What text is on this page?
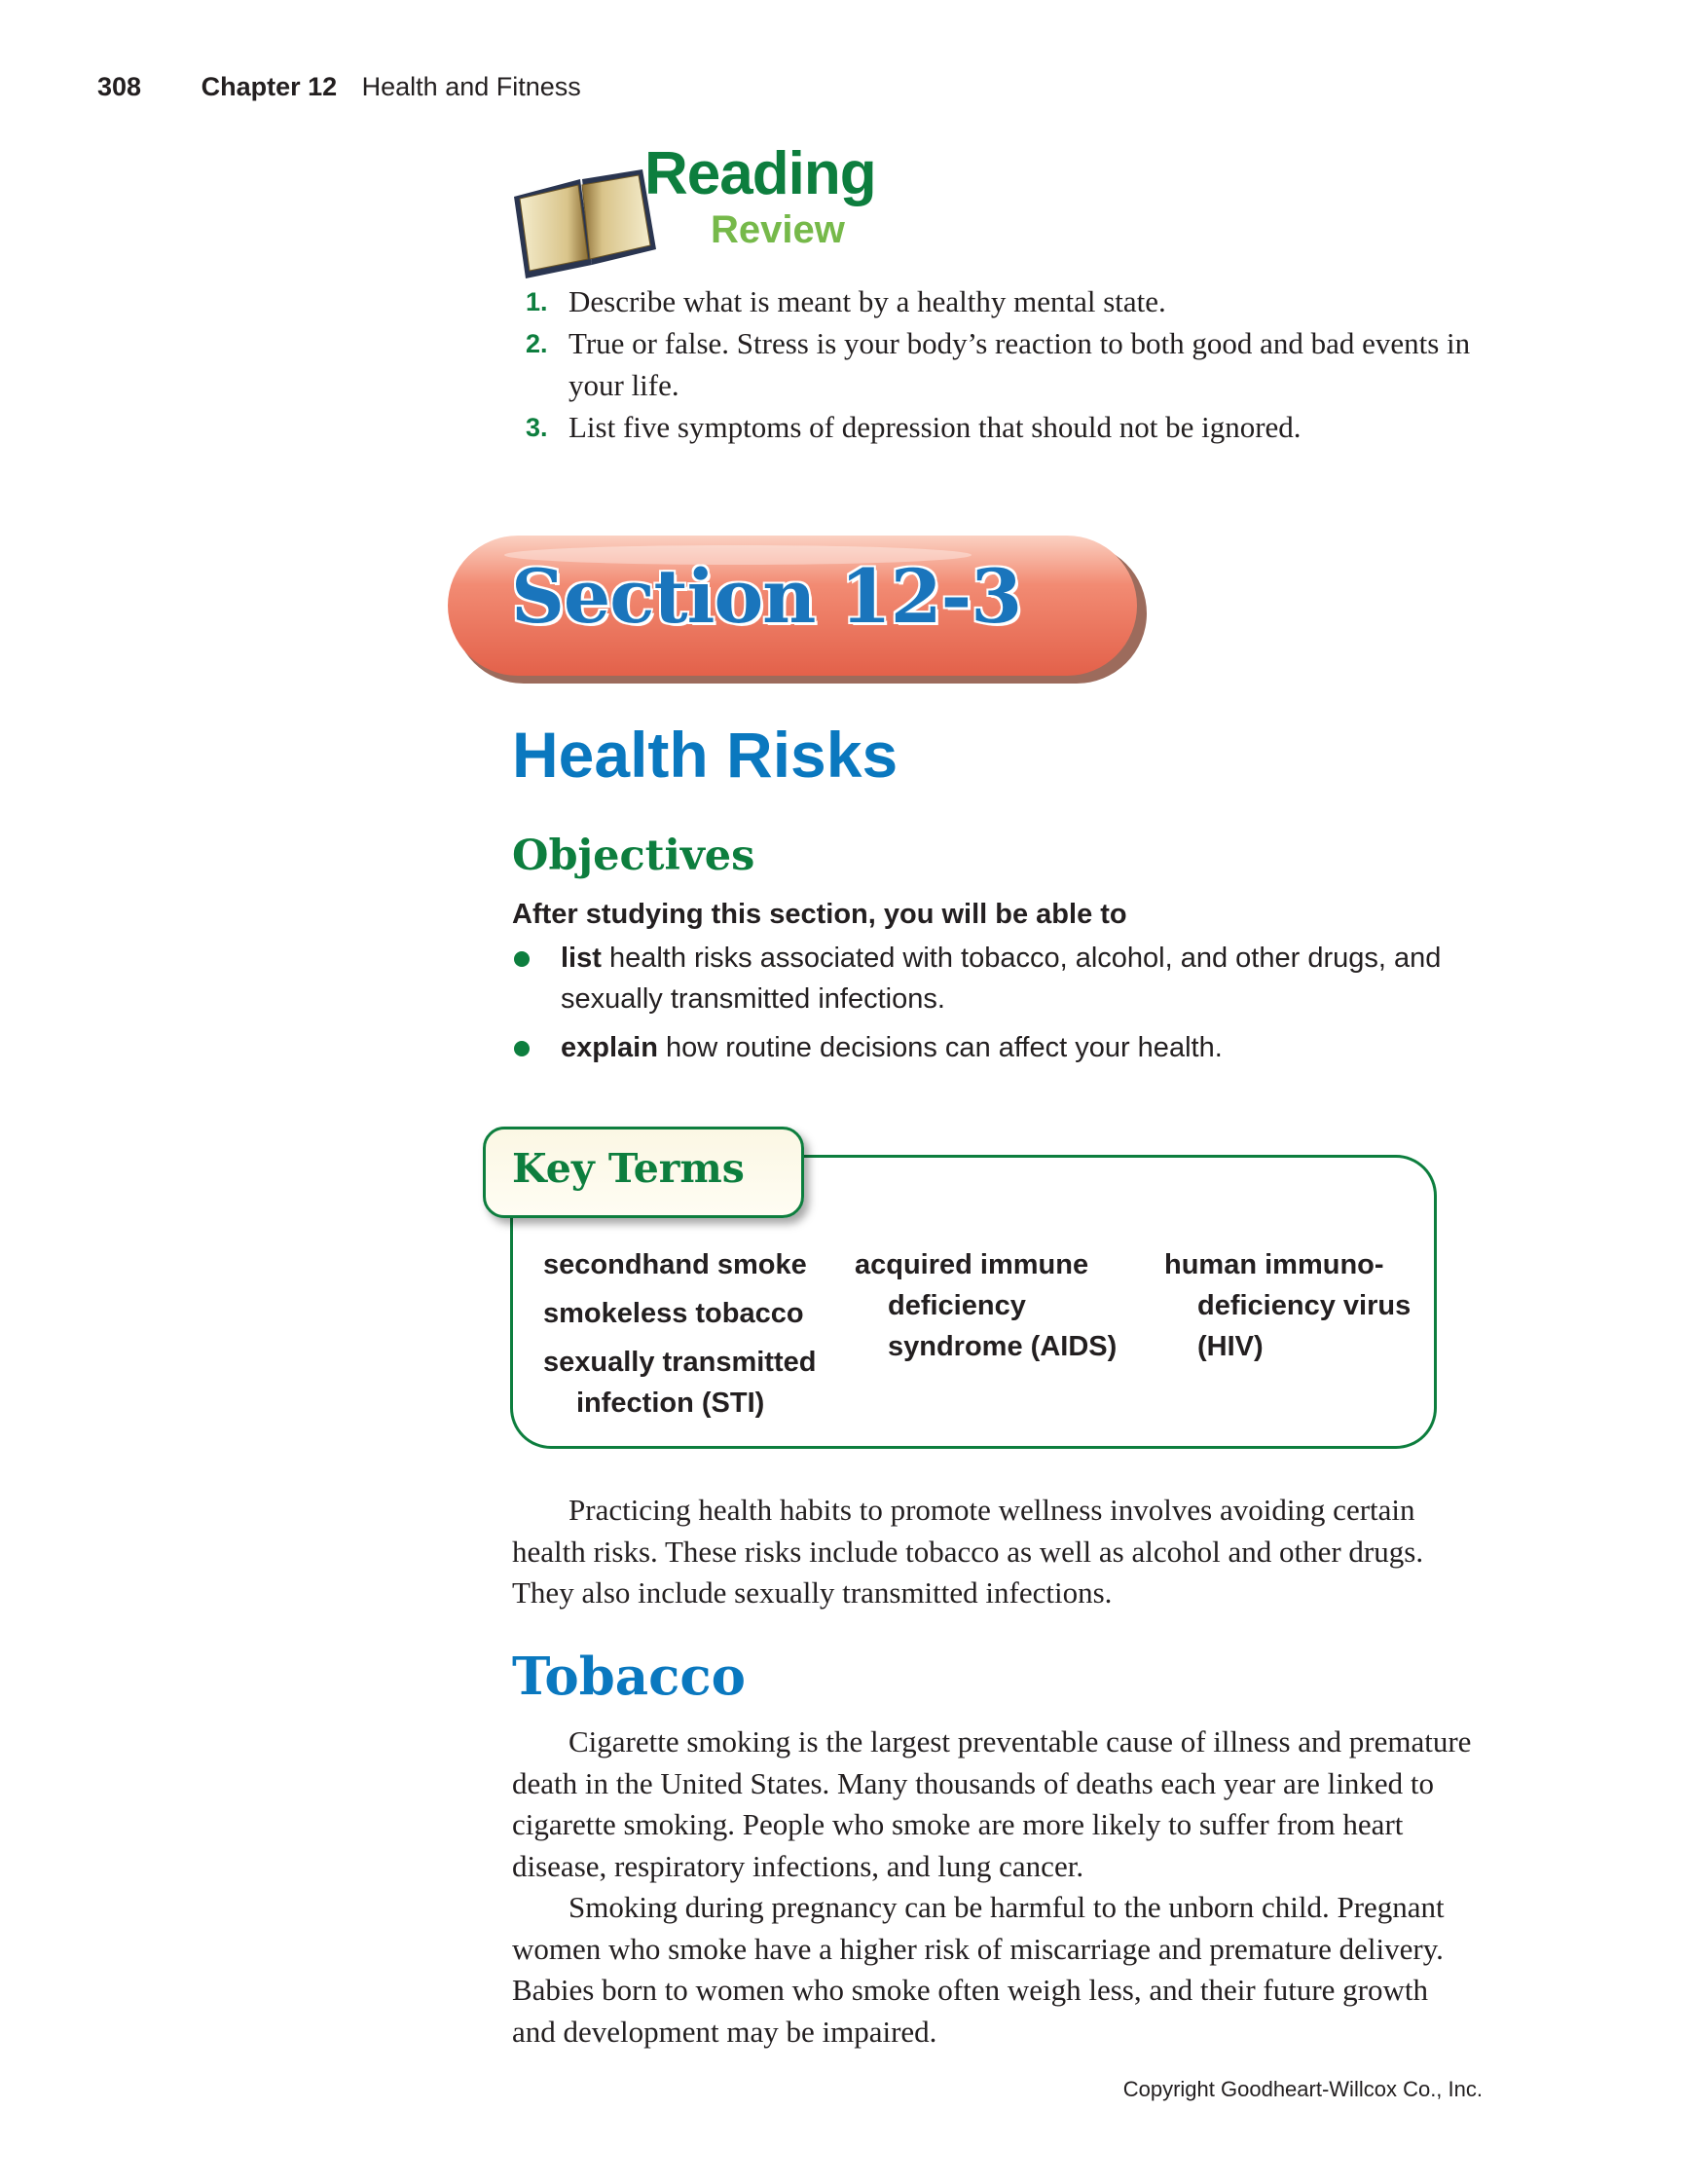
308 Chapter 12 Health and Fitness
Reading
Review
1. Describe what is meant by a healthy mental state.
2. True or false. Stress is your body’s reaction to both good and bad events in your life.
3. List five symptoms of depression that should not be ignored.
Section 12-3
Health Risks
Objectives
After studying this section, you will be able to
list health risks associated with tobacco, alcohol, and other drugs, and sexually transmitted infections.
explain how routine decisions can affect your health.
Key Terms
secondhand smoke
smokeless tobacco
sexually transmitted
infection (STI)
acquired immune
deficiency syndrome (AIDS)
human immuno-
deficiency virus (HIV)

Practicing health habits to promote wellness involves avoiding certain health risks. These risks include tobacco as well as alcohol and other drugs. They also include sexually transmitted infections.

Tobacco

Cigarette smoking is the largest preventable cause of illness and premature death in the United States. Many thousands of deaths each year are linked to cigarette smoking. People who smoke are more likely to suffer from heart disease, respiratory infections, and lung cancer.

Smoking during pregnancy can be harmful to the unborn child. Pregnant women who smoke have a higher risk of miscarriage and premature delivery. Babies born to women who smoke often weigh less, and their future growth and development may be impaired.

Copyright Goodheart-Willcox Co., Inc.
